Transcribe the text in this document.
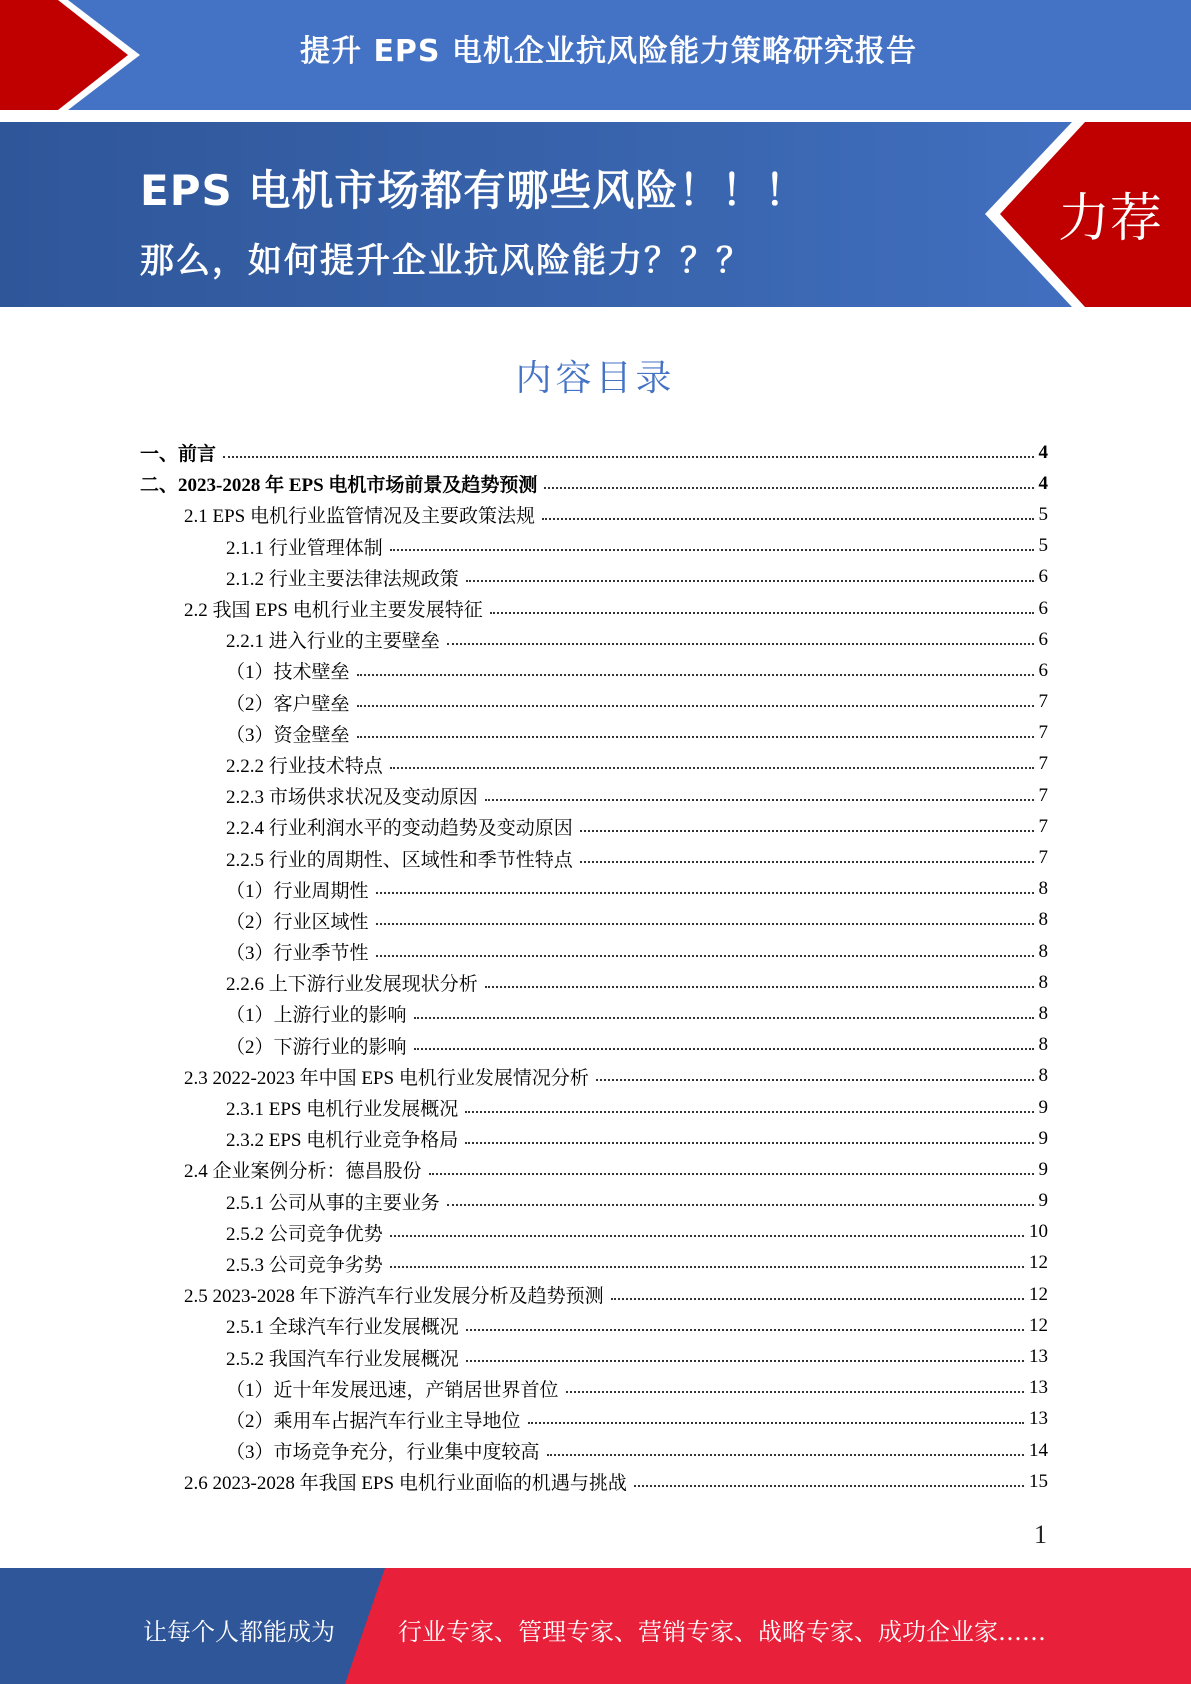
提升 EPS 电机企业抗风险能力策略研究报告
EPS 电机市场都有哪些风险！！！
那么，如何提升企业抗风险能力？？？
力荐
内容目录
一、前言	4
二、2023-2028 年 EPS 电机市场前景及趋势预测	4
2.1 EPS 电机行业监管情况及主要政策法规	5
2.1.1 行业管理体制	5
2.1.2 行业主要法律法规政策	6
2.2 我国 EPS 电机行业主要发展特征	6
2.2.1 进入行业的主要壁垒	6
（1）技术壁垒	6
（2）客户壁垒	7
（3）资金壁垒	7
2.2.2 行业技术特点	7
2.2.3 市场供求状况及变动原因	7
2.2.4 行业利润水平的变动趋势及变动原因	7
2.2.5 行业的周期性、区域性和季节性特点	7
（1）行业周期性	8
（2）行业区域性	8
（3）行业季节性	8
2.2.6 上下游行业发展现状分析	8
（1）上游行业的影响	8
（2）下游行业的影响	8
2.3 2022-2023 年中国 EPS 电机行业发展情况分析	8
2.3.1 EPS 电机行业发展概况	9
2.3.2 EPS 电机行业竞争格局	9
2.4 企业案例分析：德昌股份	9
2.5.1 公司从事的主要业务	9
2.5.2 公司竞争优势	10
2.5.3 公司竞争劣势	12
2.5 2023-2028 年下游汽车行业发展分析及趋势预测	12
2.5.1 全球汽车行业发展概况	12
2.5.2 我国汽车行业发展概况	13
（1）近十年发展迅速，产销居世界首位	13
（2）乘用车占据汽车行业主导地位	13
（3）市场竞争充分，行业集中度较高	14
2.6 2023-2028 年我国 EPS 电机行业面临的机遇与挑战	15
1
让每个人都能成为	行业专家、管理专家、营销专家、战略专家、成功企业家……
